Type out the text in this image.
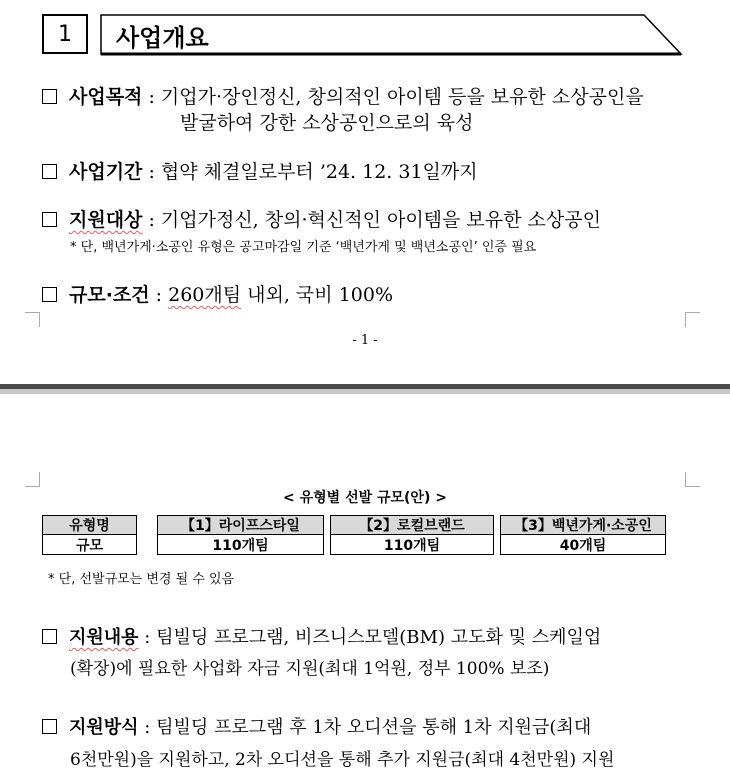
1 사업개요
사업목적 : 기업가·장인정신, 창의적인 아이템 등을 보유한 소상공인을
발굴하여 강한 소상공인으로의 육성
사업기간 : 협약 체결일로부터 ’24. 12. 31일까지
지원대상 : 기업가정신, 창의·혁신적인 아이템을 보유한 소상공인
* 단, 백년가게·소공인 유형은 공고마감일 기준 ‘백년가게 및 백년소공인’ 인증 필요
규모·조건 : 260개팀 내외, 국비 100%
- 1 -
< 유형별 선발 규모(안) >
유형명
규모
【1】라이프스타일
110개팀
【2】로컬브랜드
110개팀
【3】백년가게·소공인
40개팀
* 단, 선발규모는 변경 될 수 있음
지원내용 : 팀빌딩 프로그램, 비즈니스모델(BM) 고도화 및 스케일업
(확장)에 필요한 사업화 자금 지원(최대 1억원, 정부 100% 보조)
지원방식 : 팀빌딩 프로그램 후 1차 오디션을 통해 1차 지원금(최대
6천만원)을 지원하고, 2차 오디션을 통해 추가 지원금(최대 4천만원) 지원
